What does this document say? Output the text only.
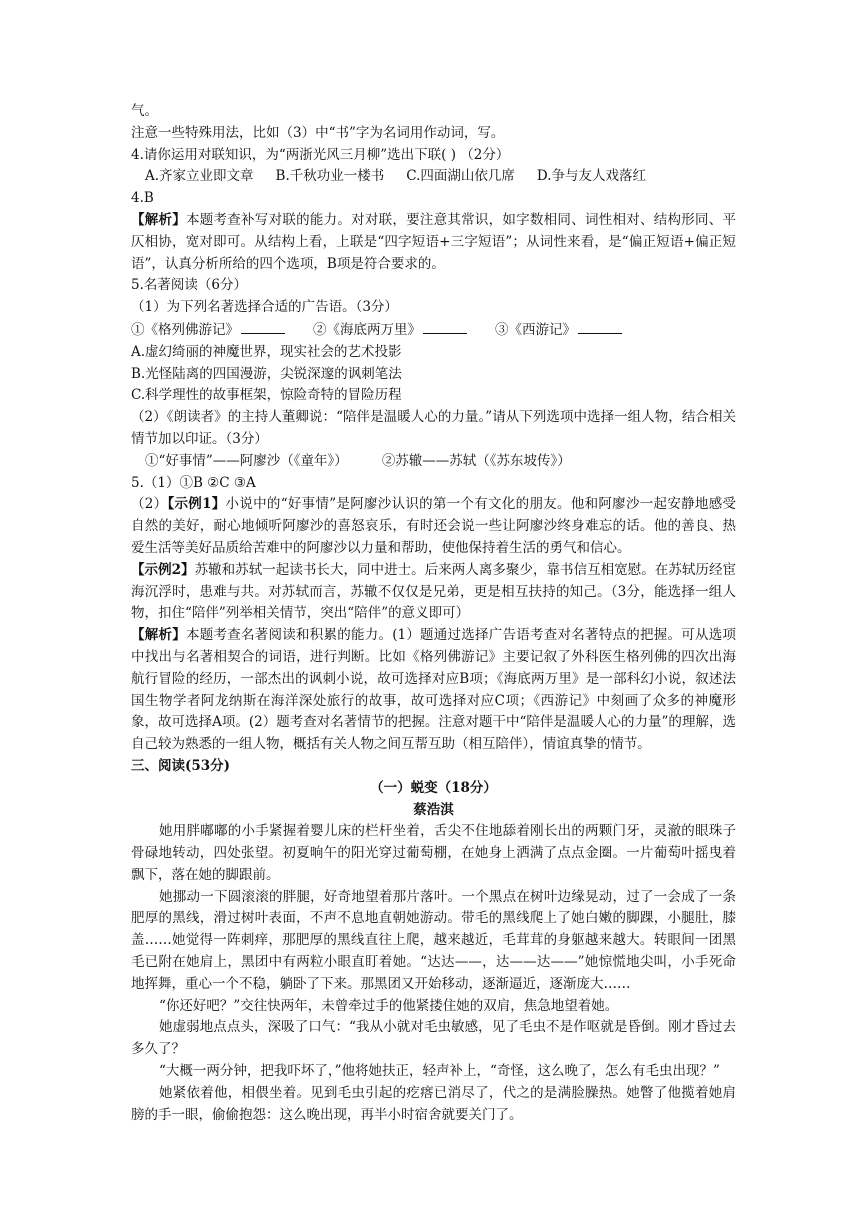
气。

注意一些特殊用法，比如（3）中“书”字为名词用作动词，写。

4.请你运用对联知识，为“两浙光风三月柳”选出下联( ) （2分）

A.齐家立业即文章 B.千秋功业一楼书 C.四面湖山依几席 D.争与友人戏落红

4.B

【解析】本题考查补写对联的能力。对对联，要注意其常识，如字数相同、词性相对、结构形同、平仄相协，宽对即可。从结构上看，上联是“四字短语+三字短语”；从词性来看，是“偏正短语+偏正短语”，认真分析所给的四个选项，B项是符合要求的。

5.名著阅读（6分）

（1）为下列名著选择合适的广告语。（3分）

①《格列佛游记》	②《海底两万里》	③《西游记》

A.虚幻绮丽的神魔世界，现实社会的艺术投影

B.光怪陆离的四国漫游，尖锐深邃的讽刺笔法

C.科学理性的故事框架，惊险奇特的冒险历程

（2）《朗读者》的主持人董卿说：“陪伴是温暖人心的力量。”请从下列选项中选择一组人物，结合相关情节加以印证。（3分）

①“好事情”——阿廖沙（《童年》）	②苏辙——苏轼（《苏东坡传》）

5.（1）①B ②C ③A

（2）【示例1】小说中的“好事情”是阿廖沙认识的第一个有文化的朋友。他和阿廖沙一起安静地感受自然的美好，耐心地倾听阿廖沙的喜怒哀乐，有时还会说一些让阿廖沙终身难忘的话。他的善良、热爱生活等美好品质给苦难中的阿廖沙以力量和帮助，使他保持着生活的勇气和信心。

【示例2】苏辙和苏轼一起读书长大，同中进士。后来两人离多聚少，靠书信互相宽慰。在苏轼历经宦海沉浮时，患难与共。对苏轼而言，苏辙不仅仅是兄弟，更是相互扶持的知己。（3分，能选择一组人物，扣住“陪伴”列举相关情节，突出“陪伴”的意义即可）

【解析】本题考查名著阅读和积累的能力。(1）题通过选择广告语考查对名著特点的把握。可从选项中找出与名著相契合的词语，进行判断。比如《格列佛游记》主要记叙了外科医生格列佛的四次出海航行冒险的经历，一部杰出的讽刺小说，故可选择对应B项；《海底两万里》是一部科幻小说，叙述法国生物学者阿龙纳斯在海洋深处旅行的故事，故可选择对应C项；《西游记》中刻画了众多的神魔形象，故可选择A项。(2）题考查对名著情节的把握。注意对题干中“陪伴是温暖人心的力量”的理解，选自己较为熟悉的一组人物，概括有关人物之间互帮互助（相互陪伴），情谊真挚的情节。

三、阅读(53分)

（一）蜕变（18分）

蔡浩淇

她用胖嘟嘟的小手紧握着婴儿床的栏杆坐着，舌尖不住地舔着刚长出的两颗门牙，灵澈的眼珠子骨碌地转动，四处张望。初夏晌午的阳光穿过葡萄棚，在她身上洒满了点点金圈。一片葡萄叶摇曳着飘下，落在她的脚跟前。

她挪动一下圆滚滚的胖腿，好奇地望着那片落叶。一个黑点在树叶边缘晃动，过了一会成了一条肥厚的黑线，滑过树叶表面，不声不息地直朝她游动。带毛的黑线爬上了她白嫩的脚踝，小腿肚，膝盖……她觉得一阵刺痒，那肥厚的黑线直往上爬，越来越近，毛茸茸的身躯越来越大。转眼间一团黑毛已附在她肩上，黑团中有两粒小眼直盯着她。“达达——，达——达——”她惊慌地尖叫，小手死命地挥舞，重心一个不稳，躺卧了下来。那黑团又开始移动，逐渐逼近，逐渐庞大……

“你还好吧？”交往快两年，未曾牵过手的他紧搂住她的双肩，焦急地望着她。

她虚弱地点点头，深吸了口气：“我从小就对毛虫敏感，见了毛虫不是作呕就是昏倒。刚才昏过去多久了？

“大概一两分钟，把我吓坏了，”他将她扶正，轻声补上，“奇怪，这么晚了，怎么有毛虫出现？”

她紧依着他，相偎坐着。见到毛虫引起的疙瘩已消尽了，代之的是满脸臊热。她瞥了他揽着她肩膀的手一眼，偷偷抱怨：这么晚出现，再半小时宿舍就要关门了。
